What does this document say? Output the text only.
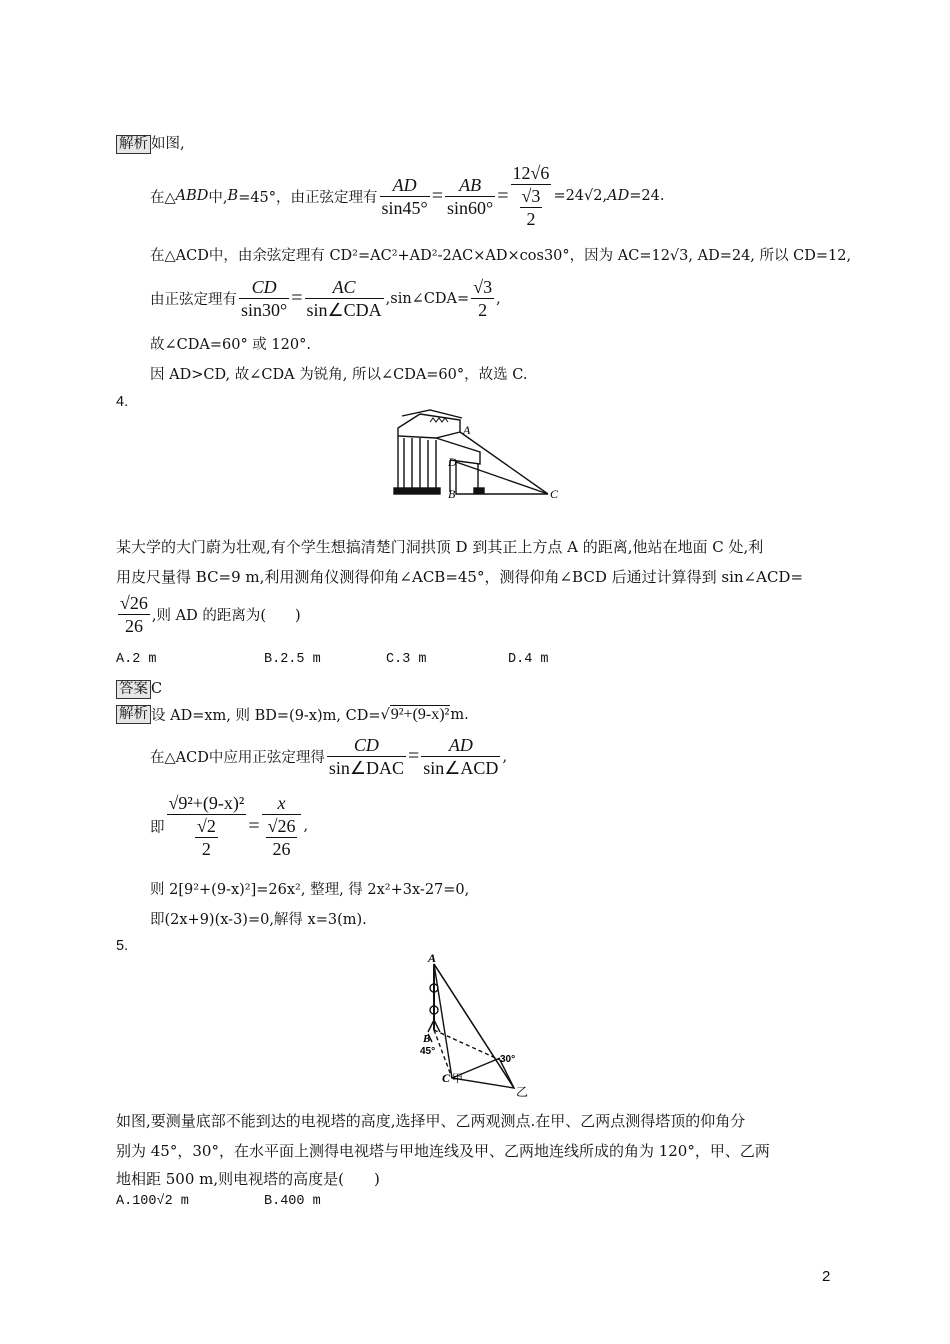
解析 如图,
在△ ABD 中, B =45°，由正弦定理有 $\frac{AD}{\sin 45^\circ} = \frac{AB}{\sin 60^\circ} = \frac{12√6}{\frac{√3}{2}} =24√2$, AD =24.
在△ACD中，由余弦定理有 CD²=AC²+AD²-2AC×AD×cos30°，因为 AC=12√3, AD=24, 所以 CD=12,
由正弦定理有 $\frac{CD}{\sin 30^\circ} = \frac{AC}{\text{sin∠CDA}}$ ,sin∠CDA= $\frac{√3}{2}$ ,
故∠CDA=60° 或 120°.
因 AD>CD, 故∠CDA 为锐角, 所以∠CDA=60°，故选 C.
4.
A
D
B	C
某大学的大门蔚为壮观,有个学生想搞清楚门洞拱顶 D 到其正上方点 A 的距离,他站在地面 C 处,利
用皮尺量得 BC=9 m,利用测角仪测得仰角∠ACB=45°，测得仰角∠BCD 后通过计算得到 sin∠ACD=
$\frac{√26}{26}$ ,则 AD 的距离为(　　)
A.2 m	B.2.5 m	C.3 m	D.4 m
答案 C
解析 设 AD=xm, 则 BD=(9-x)m, CD= √ 9²+(9-x)² m.
在△ACD中应用正弦定理得 $\frac{CD}{\text{sin∠DAC}} = \frac{AD}{\text{sin∠ACD}}$ ,
即 $\frac{\text{√9²+(9-x)²}}{\frac{√2}{2}} = \frac{x}{\frac{√26}{26}}$ ,
则 2[9²+(9-x)²]=26x², 整理, 得 2x²+3x-27=0,
即(2x+9)(x-3)=0,解得 x=3(m).
5.
A
B
45°
C 甲
30°
乙
如图,要测量底部不能到达的电视塔的高度,选择甲、乙两观测点.在甲、乙两点测得塔顶的仰角分
别为 45°，30°，在水平面上测得电视塔与甲地连线及甲、乙两地连线所成的角为 120°，甲、乙两
地相距 500 m,则电视塔的高度是(　　)
A.100√2 m	B.400 m
2
